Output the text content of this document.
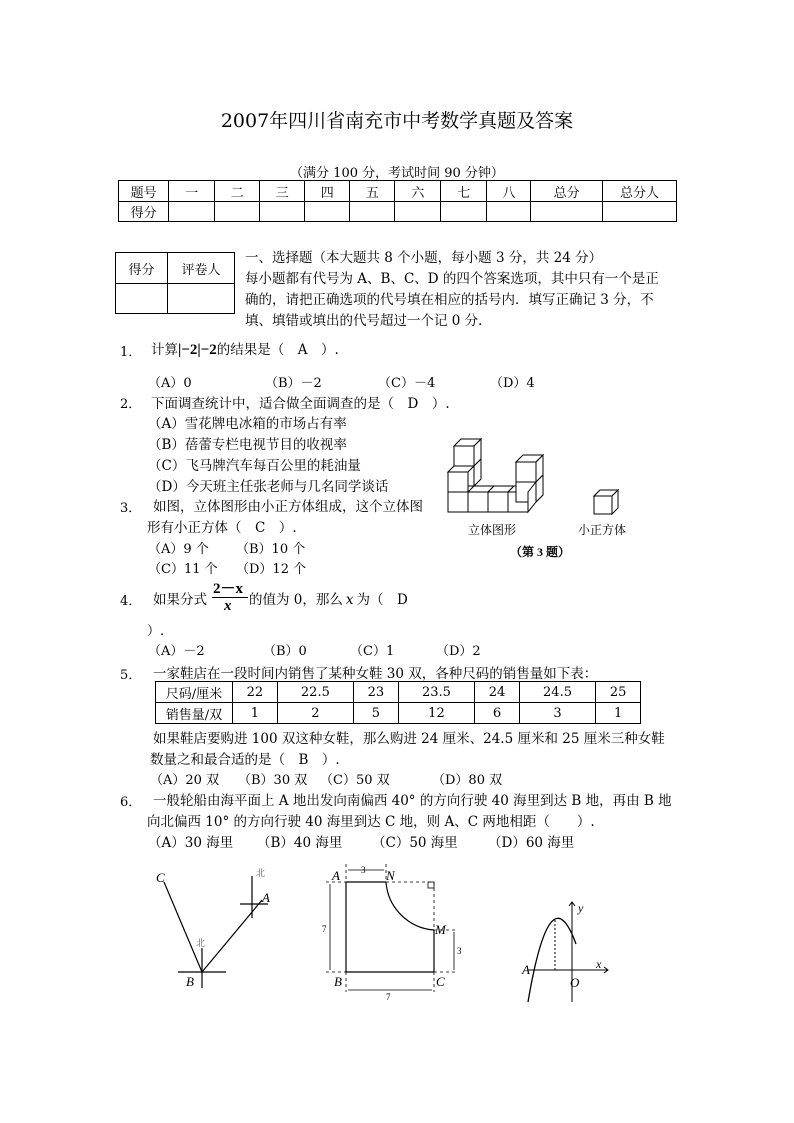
2007年四川省南充市中考数学真题及答案
（满分 100 分，考试时间 90 分钟）
题号	一	二	三	四	五	六	七	八	总分	总分人
得分										
得分	评卷人

一、选择题（本大题共 8 个小题，每小题 3 分，共 24 分）
每小题都有代号为 A、B、C、D 的四个答案选项，其中只有一个是正
确的，请把正确选项的代号填在相应的括号内．填写正确记 3 分，不
填、填错或填出的代号超过一个记 0 分．
1． 计算|−2|−2的结果是（　A　）.
（A）0	（B）－2	（C）－4	（D）4
2． 下面调查统计中，适合做全面调查的是（　D　）.
（A）雪花牌电冰箱的市场占有率
（B）蓓蕾专栏电视节目的收视率
（C）飞马牌汽车每百公里的耗油量
（D）今天班主任张老师与几名同学谈话
3． 如图，立体图形由小正方体组成，这个立体图
形有小正方体（　C　）.
（A）9 个 （B）10 个
（C）11 个 （D）12 个
立体图形	小正方体
（第 3 题）
4． 如果分式
2－x
x 的值为 0，那么 x 为（　D
）.
（A）－2	（B）0	（C）1	（D）2
5． 一家鞋店在一段时间内销售了某种女鞋 30 双，各种尺码的销售量如下表：
尺码/厘米	22	22.5	23	23.5	24	24.5	25
销售量/双	1	2	5	12	6	3	1
如果鞋店要购进 100 双这种女鞋，那么购进 24 厘米、24.5 厘米和 25 厘米三种女鞋
数量之和最合适的是（　B　）.
（A）20 双 （B）30 双 （C）50 双	（D）80 双
6． 一般轮船由海平面上 A 地出发向南偏西 40° 的方向行驶 40 海里到达 B 地，再由 B 地
向北偏西 10° 的方向行驶 40 海里到达 C 地，则 A、C 两地相距（　　）.
（A）30 海里 （B）40 海里 （C）50 海里 （D）60 海里
C
A
B
北
北	3
7
3
7
A	N
M
B	C
y
x
A
O
